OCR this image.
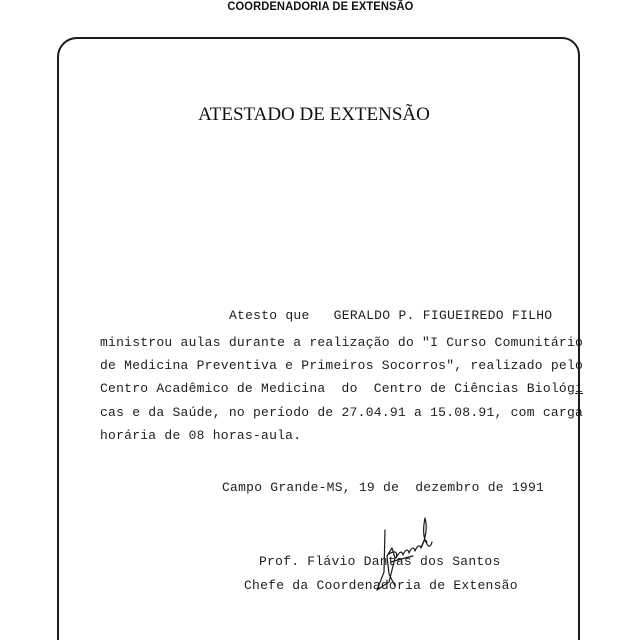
COORDENADORIA DE EXTENSÃO
ATESTADO DE EXTENSÃO
Atesto que GERALDO P. FIGUEIREDO FILHO
ministrou aulas durante a realização do "I Curso Comunitário
de Medicina Preventiva e Primeiros Socorros", realizado pelo
Centro Acadêmico de Medicina  do  Centro de Ciências Biológi
cas e da Saúde, no período de 27.04.91 a 15.08.91, com carga
horária de 08 horas-aula.
Campo Grande-MS, 19 de  dezembro de 1991
Prof. Flávio Dantas dos Santos
Chefe da Coordenadoria de Extensão
